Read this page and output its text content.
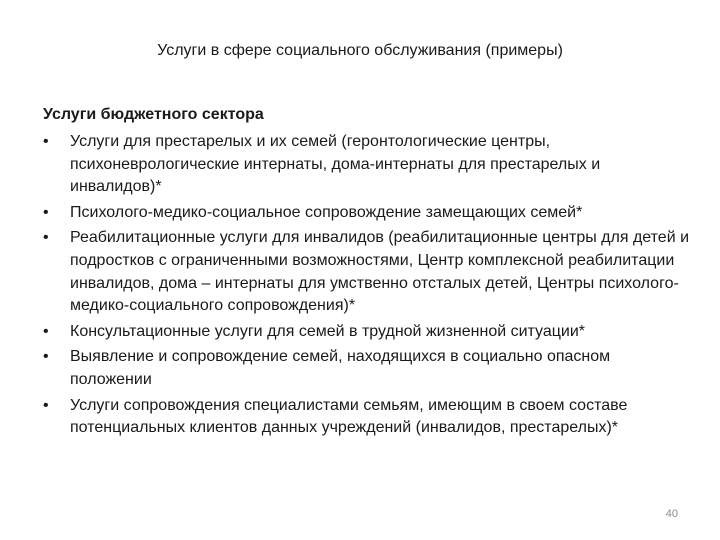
Услуги в сфере социального обслуживания (примеры)
Услуги бюджетного сектора
•	Услуги для престарелых и их семей (геронтологические центры, психоневрологические интернаты, дома-интернаты для престарелых и инвалидов)*
•	Психолого-медико-социальное сопровождение замещающих семей*
•	Реабилитационные услуги для инвалидов (реабилитационные центры для детей и подростков с ограниченными возможностями, Центр комплексной реабилитации инвалидов, дома – интернаты для умственно отсталых детей, Центры психолого-медико-социального сопровождения)*
•	Консультационные услуги для семей в трудной жизненной ситуации*
•	Выявление и сопровождение семей, находящихся в социально опасном положении
•	Услуги сопровождения специалистами семьям, имеющим в своем составе потенциальных клиентов данных учреждений (инвалидов, престарелых)*
40
